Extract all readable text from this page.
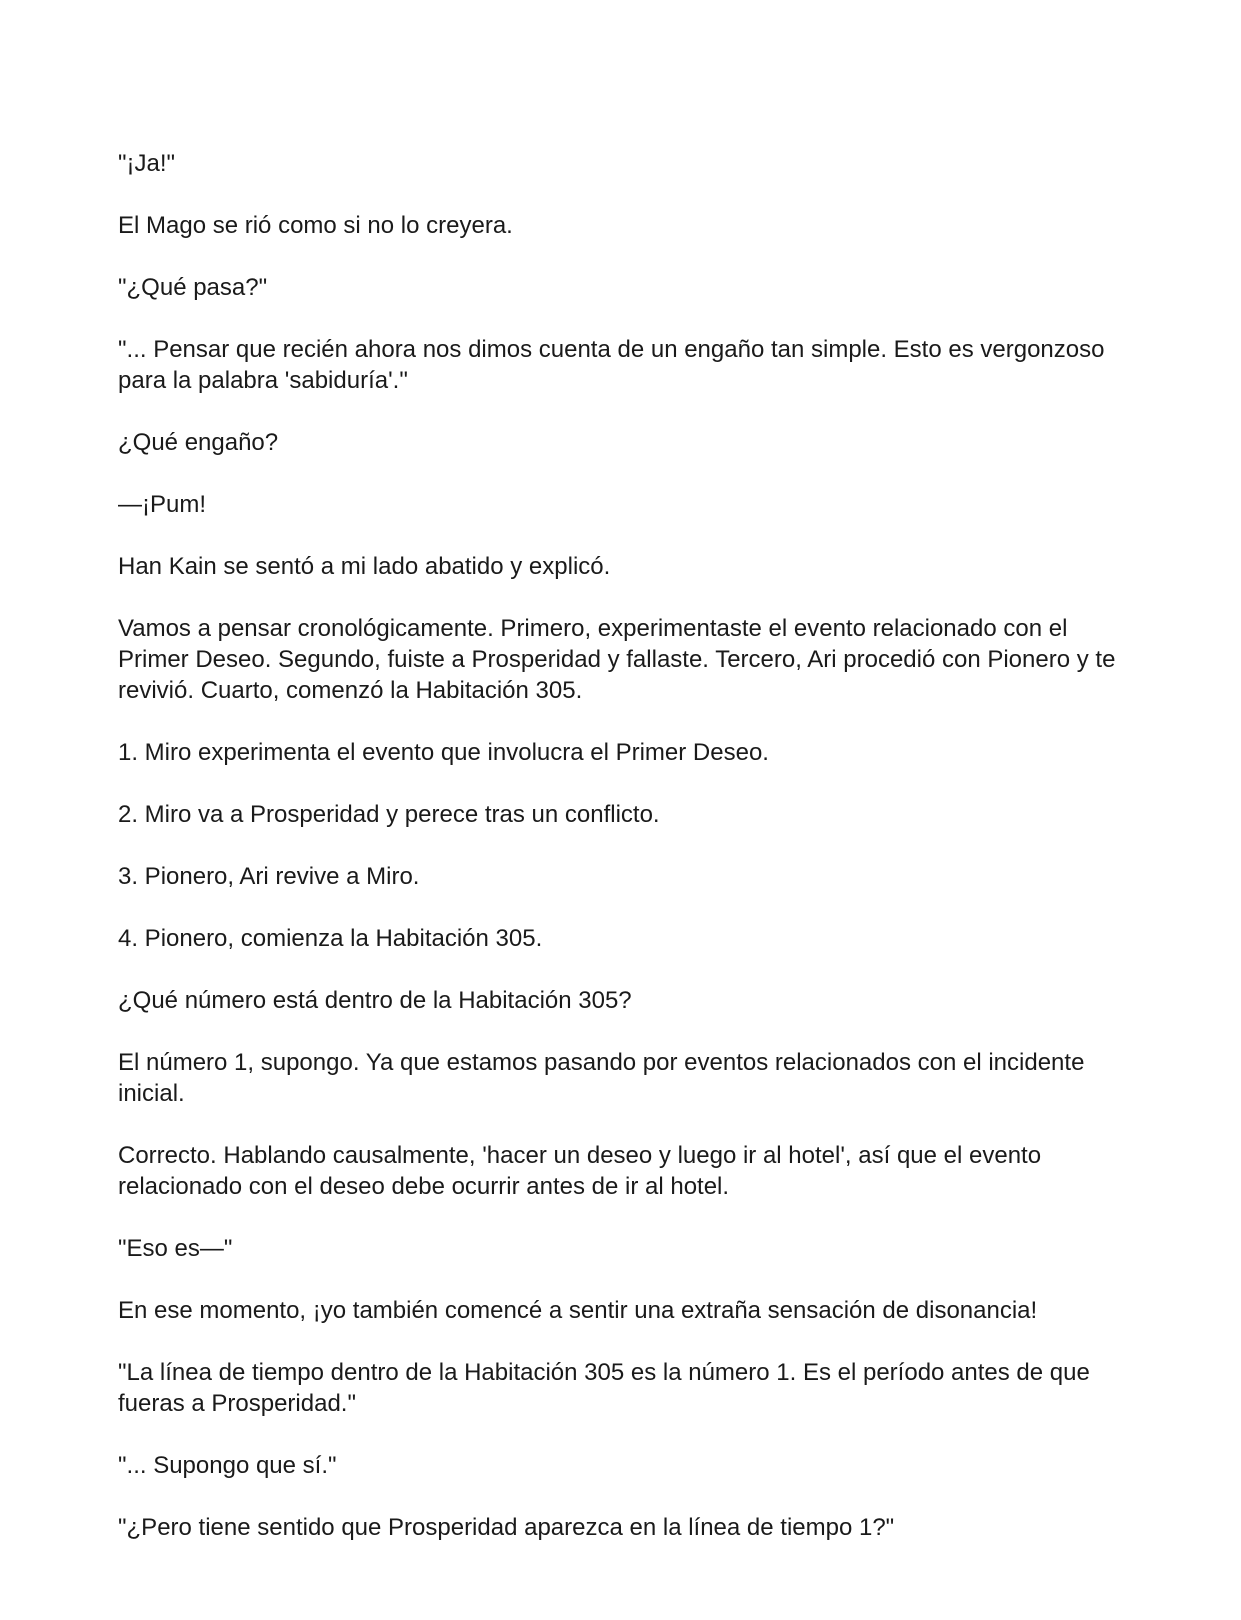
"¡Ja!"

El Mago se rió como si no lo creyera.

"¿Qué pasa?"

"... Pensar que recién ahora nos dimos cuenta de un engaño tan simple. Esto es vergonzoso para la palabra 'sabiduría'."

¿Qué engaño?

—¡Pum!

Han Kain se sentó a mi lado abatido y explicó.

Vamos a pensar cronológicamente. Primero, experimentaste el evento relacionado con el Primer Deseo. Segundo, fuiste a Prosperidad y fallaste. Tercero, Ari procedió con Pionero y te revivió. Cuarto, comenzó la Habitación 305.

1. Miro experimenta el evento que involucra el Primer Deseo.

2. Miro va a Prosperidad y perece tras un conflicto.

3. Pionero, Ari revive a Miro.

4. Pionero, comienza la Habitación 305.

¿Qué número está dentro de la Habitación 305?

El número 1, supongo. Ya que estamos pasando por eventos relacionados con el incidente inicial.

Correcto. Hablando causalmente, 'hacer un deseo y luego ir al hotel', así que el evento relacionado con el deseo debe ocurrir antes de ir al hotel.

"Eso es—"

En ese momento, ¡yo también comencé a sentir una extraña sensación de disonancia!

"La línea de tiempo dentro de la Habitación 305 es la número 1. Es el período antes de que fueras a Prosperidad."

"... Supongo que sí."

"¿Pero tiene sentido que Prosperidad aparezca en la línea de tiempo 1?"
